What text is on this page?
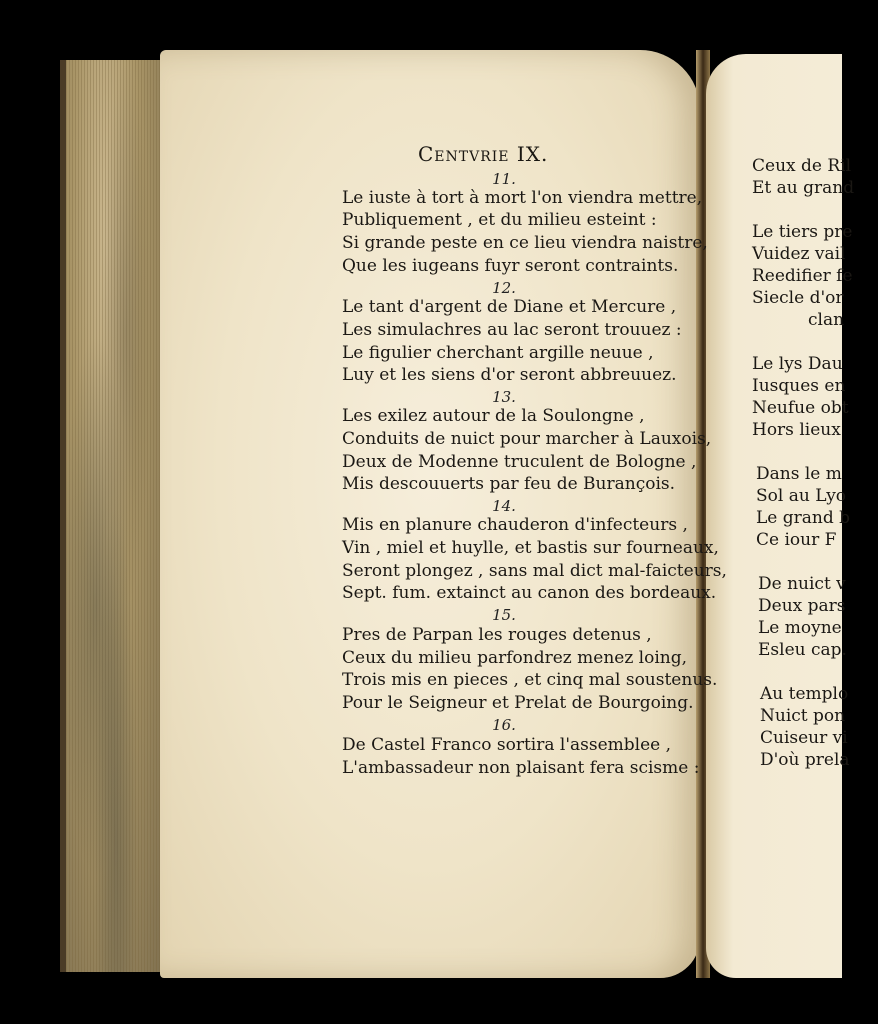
Centvrie IX.
11.
Le iuste à tort à mort l'on viendra mettre,
Publiquement , et du milieu esteint :
Si grande peste en ce lieu viendra naistre,
Que les iugeans fuyr seront contraints.
12.
Le tant d'argent de Diane et Mercure ,
Les simulachres au lac seront trouuez :
Le figulier cherchant argille neuue ,
Luy et les siens d'or seront abbreuuez.
13.
Les exilez autour de la Soulongne ,
Conduits de nuict pour marcher à Lauxois,
Deux de Modenne truculent de Bologne ,
Mis descouuerts par feu de Burançois.
14.
Mis en planure chauderon d'infecteurs ,
Vin , miel et huylle, et bastis sur fourneaux,
Seront plongez , sans mal dict mal-faicteurs,
Sept. fum. extainct au canon des bordeaux.
15.
Pres de Parpan les rouges detenus ,
Ceux du milieu parfondrez menez loing,
Trois mis en pieces , et cinq mal soustenus.
Pour le Seigneur et Prelat de Bourgoing.
16.
De Castel Franco sortira l'assemblee ,
L'ambassadeur non plaisant fera scisme :
Ceux de Ril
Et au grand
Le tiers pre
Vuidez vail
Reedifier fe
Siecle d'or
clan
Le lys Dau
Iusques en
Neufue obt
Hors lieux
Dans le m
Sol au Lyo
Le grand b
Ce iour F
De nuict v
Deux pars
Le moyne
Esleu cap.
Au templo
Nuict pon
Cuiseur vi
D'où prela
